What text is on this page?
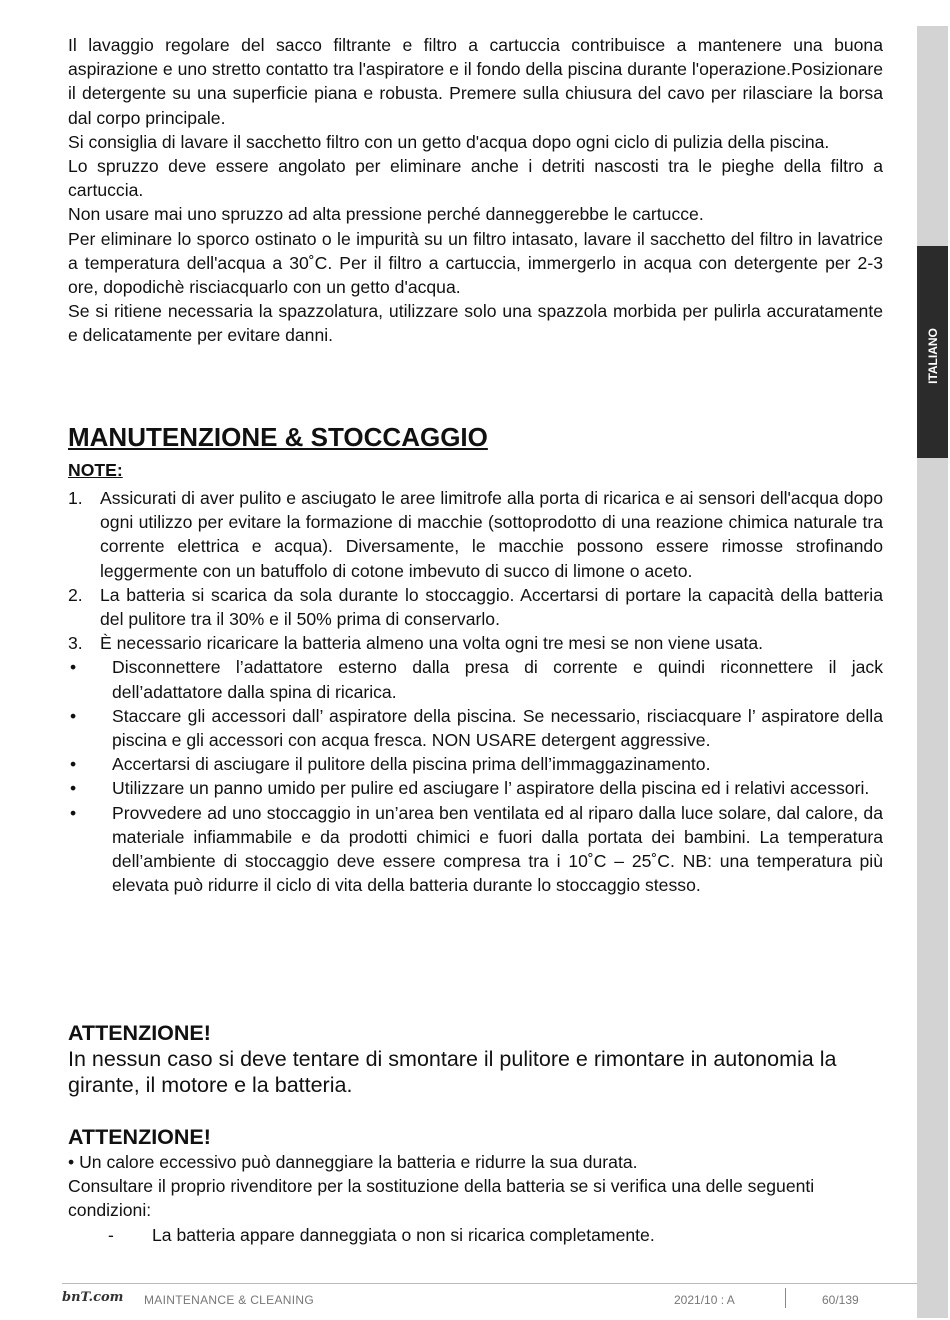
ITALIANO

Il lavaggio regolare del sacco filtrante e filtro a cartuccia contribuisce a mantenere una buona aspirazione e uno stretto contatto tra l'aspiratore e il fondo della piscina durante l'operazione.Posizionare il detergente su una superficie piana e robusta. Premere sulla chiusura del cavo per rilasciare la borsa dal corpo principale.

Si consiglia di lavare il sacchetto filtro con un getto d'acqua dopo ogni ciclo di pulizia della piscina.

Lo spruzzo deve essere angolato per eliminare anche i detriti nascosti tra le pieghe della filtro a cartuccia.

Non usare mai uno spruzzo ad alta pressione perché danneggerebbe le cartucce.

Per eliminare lo sporco ostinato o le impurità su un filtro intasato, lavare il sacchetto del filtro in lavatrice a temperatura dell'acqua a 30˚C. Per il filtro a cartuccia, immergerlo in acqua con detergente per 2-3 ore, dopodichè risciacquarlo con un getto d'acqua.

Se si ritiene necessaria la spazzolatura, utilizzare solo una spazzola morbida per pulirla accuratamente e delicatamente per evitare danni.

MANUTENZIONE & STOCCAGGIO
NOTE:
1. Assicurati di aver pulito e asciugato le aree limitrofe alla porta di ricarica e ai sensori dell'acqua dopo ogni utilizzo per evitare la formazione di macchie (sottoprodotto di una reazione chimica naturale tra corrente elettrica e acqua). Diversamente, le macchie possono essere rimosse strofinando leggermente con un batuffolo di cotone imbevuto di succo di limone o aceto.
2. La batteria si scarica da sola durante lo stoccaggio. Accertarsi di portare la capacità della batteria del pulitore tra il 30% e il 50% prima di conservarlo.
3. È necessario ricaricare la batteria almeno una volta ogni tre mesi se non viene usata.
•	Disconnettere l’adattatore esterno dalla presa di corrente e quindi riconnettere il jack dell’adattatore dalla spina di ricarica.
•	Staccare gli accessori dall’ aspiratore della piscina. Se necessario, risciacquare l’ aspiratore della piscina e gli accessori con acqua fresca. NON USARE detergent aggressive.
•	Accertarsi di asciugare il pulitore della piscina prima dell’immaggazinamento.
•	Utilizzare un panno umido per pulire ed asciugare l’ aspiratore della piscina ed i relativi accessori.
•	Provvedere ad uno stoccaggio in un’area ben ventilata ed al riparo dalla luce solare, dal calore, da materiale infiammabile e da prodotti chimici e fuori dalla portata dei bambini. La temperatura dell’ambiente di stoccaggio deve essere compresa tra i 10˚C – 25˚C. NB: una temperatura più elevata può ridurre il ciclo di vita della batteria durante lo stoccaggio stesso.
ATTENZIONE!

In nessun caso si deve tentare di smontare il pulitore e rimontare in autonomia la girante, il motore e la batteria.

ATTENZIONE!

• Un calore eccessivo può danneggiare la batteria e ridurre la sua durata.

Consultare il proprio rivenditore per la sostituzione della batteria se si verifica una delle seguenti condizioni:

-	La batteria appare danneggiata o non si ricarica completamente.
bnT.com MAINTENANCE & CLEANING	2021/10 : A	60/139
